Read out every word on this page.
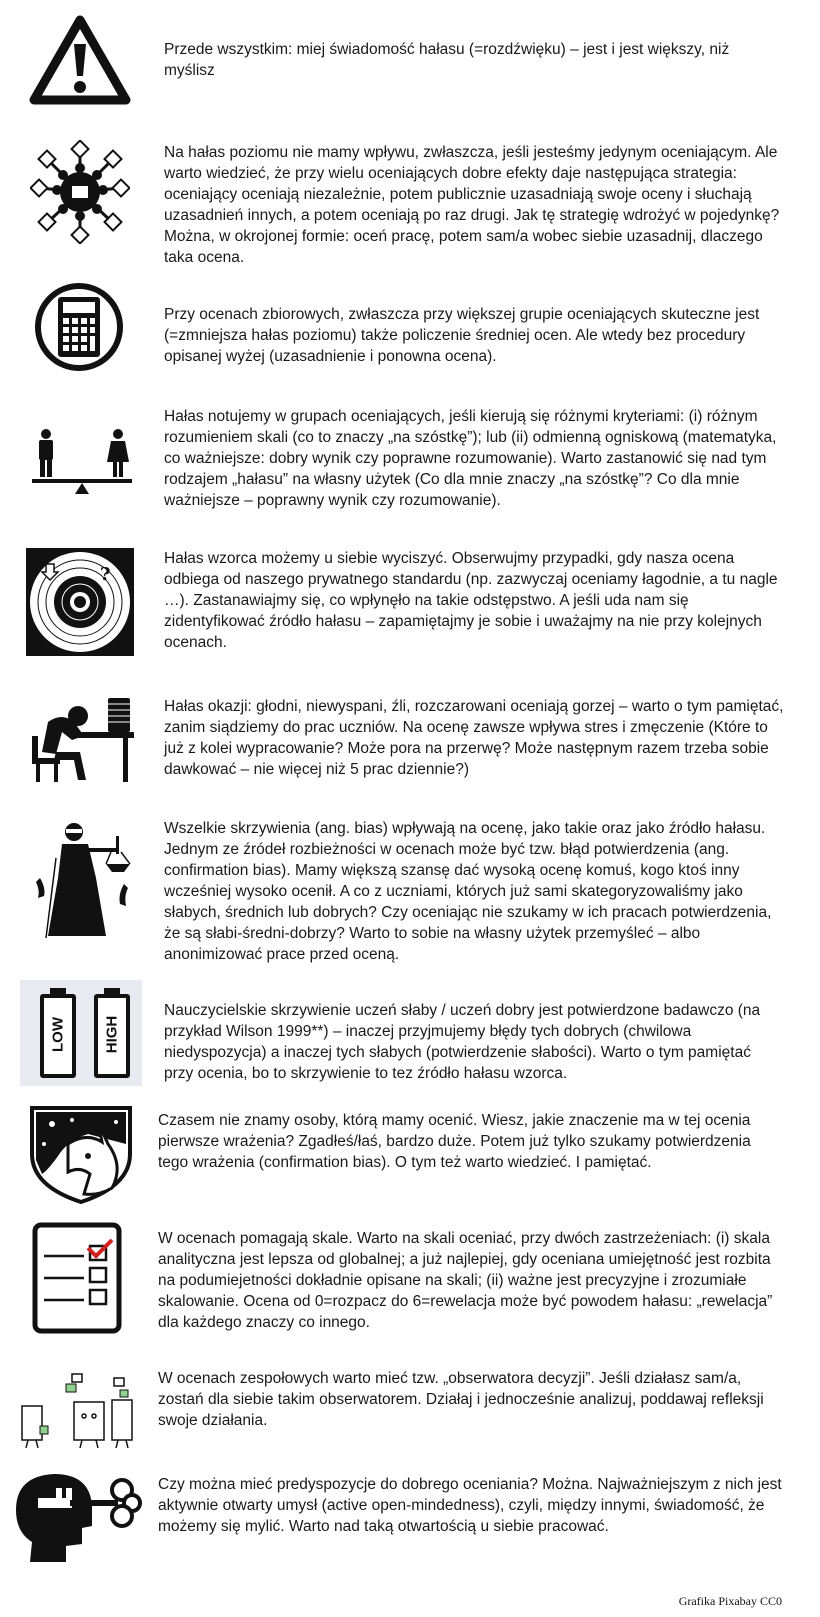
Przede wszystkim: miej świadomość hałasu (=rozdźwięku) – jest i jest większy, niż myślisz

Na hałas poziomu nie mamy wpływu, zwłaszcza, jeśli jesteśmy jedynym oceniającym. Ale warto wiedzieć, że przy wielu oceniających dobre efekty daje następująca strategia: oceniający oceniają niezależnie, potem publicznie uzasadniają swoje oceny i słuchają uzasadnień innych, a potem oceniają po raz drugi. Jak tę strategię wdrożyć w pojedynkę? Można, w okrojonej formie: oceń pracę, potem sam/a wobec siebie uzasadnij, dlaczego taka ocena.

Przy ocenach zbiorowych, zwłaszcza przy większej grupie oceniających skuteczne jest (=zmniejsza hałas poziomu) także policzenie średniej ocen. Ale wtedy bez procedury opisanej wyżej (uzasadnienie i ponowna ocena).

Hałas notujemy w grupach oceniających, jeśli kierują się różnymi kryteriami: (i) różnym rozumieniem skali (co to znaczy „na szóstkę”); lub (ii) odmienną ogniskową (matematyka, co ważniejsze: dobry wynik czy poprawne rozumowanie). Warto zastanowić się nad tym rodzajem „hałasu” na własny użytek (Co dla mnie znaczy „na szóstkę”? Co dla mnie ważniejsze – poprawny wynik czy rozumowanie).

?

Hałas wzorca możemy u siebie wyciszyć. Obserwujmy przypadki, gdy nasza ocena odbiega od naszego prywatnego standardu (np. zazwyczaj oceniamy łagodnie, a tu nagle …). Zastanawiajmy się, co wpłynęło na takie odstępstwo. A jeśli uda nam się zidentyfikować źródło hałasu – zapamiętajmy je sobie i uważajmy na nie przy kolejnych ocenach.

Hałas okazji: głodni, niewyspani, źli, rozczarowani oceniają gorzej – warto o tym pamiętać, zanim siądziemy do prac uczniów. Na ocenę zawsze wpływa stres i zmęczenie (Które to już z kolei wypracowanie? Może pora na przerwę? Może następnym razem trzeba sobie dawkować – nie więcej niż 5 prac dziennie?)

Wszelkie skrzywienia (ang. bias) wpływają na ocenę, jako takie oraz jako źródło hałasu. Jednym ze źródeł rozbieżności w ocenach może być tzw. błąd potwierdzenia (ang. confirmation bias). Mamy większą szansę dać wysoką ocenę komuś, kogo ktoś inny wcześniej wysoko ocenił. A co z uczniami, których już sami skategoryzowaliśmy jako słabych, średnich lub dobrych? Czy oceniając nie szukamy w ich pracach potwierdzenia, że są słabi-średni-dobrzy? Warto to sobie na własny użytek przemyśleć – albo anonimizować prace przed oceną.

LOW HIGH

Nauczycielskie skrzywienie uczeń słaby / uczeń dobry jest potwierdzone badawczo (na przykład Wilson 1999**) – inaczej przyjmujemy błędy tych dobrych (chwilowa niedyspozycja) a inaczej tych słabych (potwierdzenie słabości). Warto o tym pamiętać przy ocenia, bo to skrzywienie to tez źródło hałasu wzorca.

Czasem nie znamy osoby, którą mamy ocenić. Wiesz, jakie znaczenie ma w tej ocenia pierwsze wrażenia? Zgadłeś/łaś, bardzo duże. Potem już tylko szukamy potwierdzenia tego wrażenia (confirmation bias). O tym też warto wiedzieć. I pamiętać.

W ocenach pomagają skale. Warto na skali oceniać, przy dwóch zastrzeżeniach: (i) skala analityczna jest lepsza od globalnej; a już najlepiej, gdy oceniana umiejętność jest rozbita na podumiejetności dokładnie opisane na skali; (ii) ważne jest precyzyjne i zrozumiałe skalowanie. Ocena od 0=rozpacz do 6=rewelacja może być powodem hałasu: „rewelacja” dla każdego znaczy co innego.

W ocenach zespołowych warto mieć tzw. „obserwatora decyzji”. Jeśli działasz sam/a, zostań dla siebie takim obserwatorem. Działaj i jednocześnie analizuj, poddawaj refleksji swoje działania.

Czy można mieć predyspozycje do dobrego oceniania? Można. Najważniejszym z nich jest aktywnie otwarty umysł (active open-mindedness), czyli, między innymi, świadomość, że możemy się mylić. Warto nad taką otwartością u siebie pracować.

Grafika Pixabay CC0
